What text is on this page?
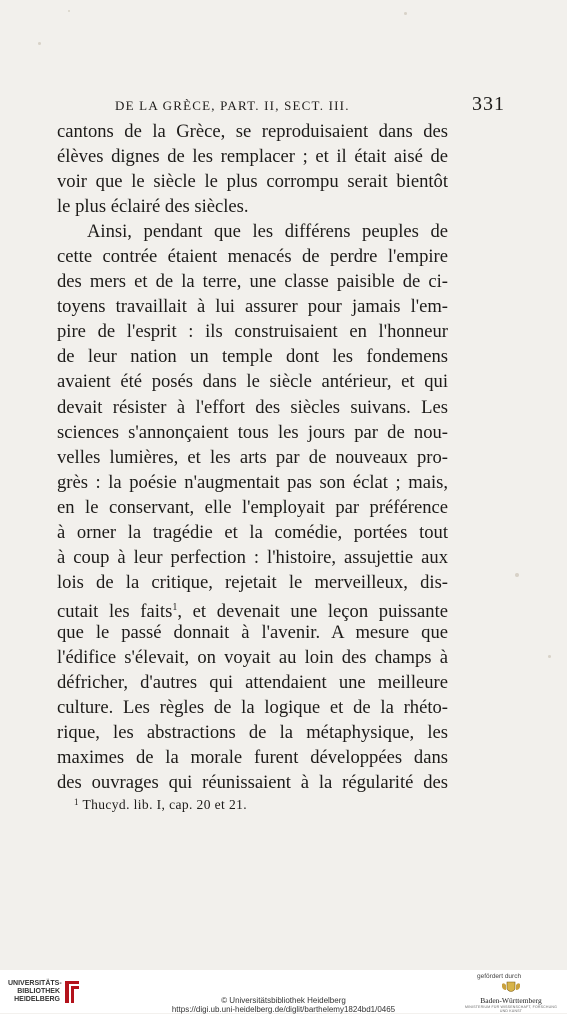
DE LA GRÈCE, PART. II, SECT. III.	331
cantons de la Grèce, se reproduisaient dans des
élèves dignes de les remplacer ; et il était aisé de
voir que le siècle le plus corrompu serait bientôt
le plus éclairé des siècles.
Ainsi, pendant que les différens peuples de
cette contrée étaient menacés de perdre l'empire
des mers et de la terre, une classe paisible de ci-
toyens travaillait à lui assurer pour jamais l'em-
pire de l'esprit : ils construisaient en l'honneur
de leur nation un temple dont les fondemens
avaient été posés dans le siècle antérieur, et qui
devait résister à l'effort des siècles suivans. Les
sciences s'annonçaient tous les jours par de nou-
velles lumières, et les arts par de nouveaux pro-
grès : la poésie n'augmentait pas son éclat ; mais,
en le conservant, elle l'employait par préférence
à orner la tragédie et la comédie, portées tout
à coup à leur perfection : l'histoire, assujettie aux
lois de la critique, rejetait le merveilleux, dis-
cutait les faits$^1$, et devenait une leçon puissante
que le passé donnait à l'avenir. A mesure que
l'édifice s'élevait, on voyait au loin des champs à
défricher, d'autres qui attendaient une meilleure
culture. Les règles de la logique et de la rhéto-
rique, les abstractions de la métaphysique, les
maximes de la morale furent développées dans
des ouvrages qui réunissaient à la régularité des
$^1$ Thucyd. lib. I, cap. 20 et 21.
UNIVERSITÄTS-
BIBLIOTHEK
HEIDELBERG	© Universitätsbibliothek Heidelberg
https://digi.ub.uni-heidelberg.de/diglit/barthelemy1824bd1/0465
gefördert durch
Baden-Württemberg
MINISTERIUM FÜR WISSENSCHAFT, FORSCHUNG UND KUNST
